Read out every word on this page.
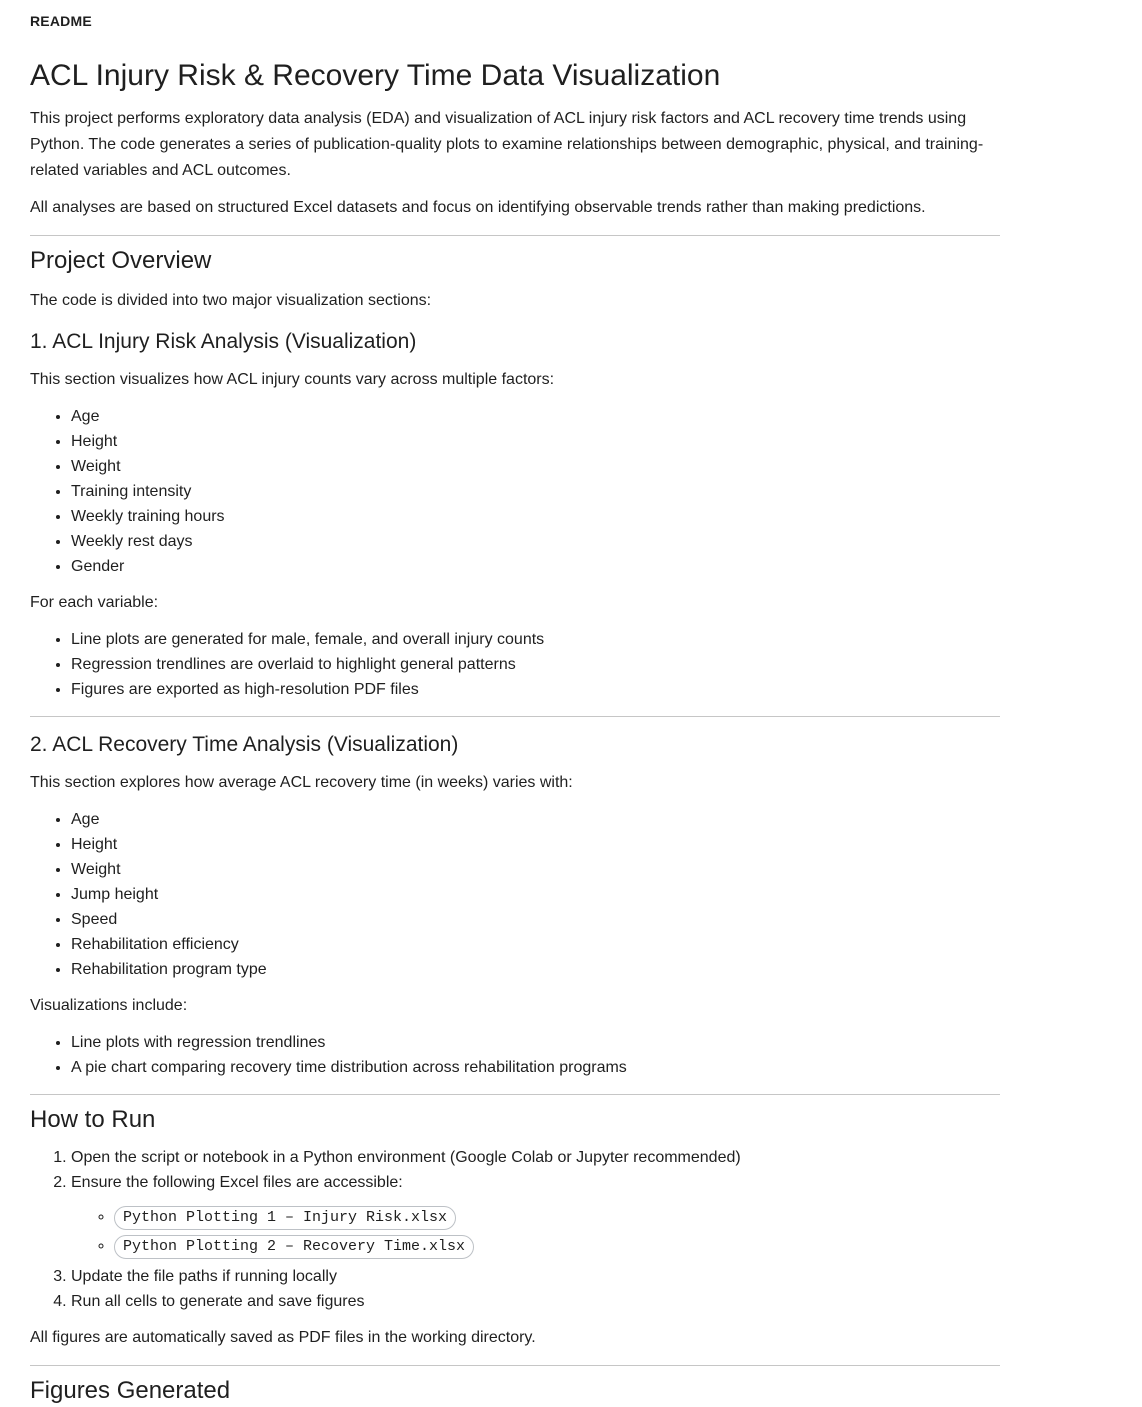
README
ACL Injury Risk & Recovery Time Data Visualization

This project performs exploratory data analysis (EDA) and visualization of ACL injury risk factors and ACL recovery time trends using Python. The code generates a series of publication-quality plots to examine relationships between demographic, physical, and training-related variables and ACL outcomes.

All analyses are based on structured Excel datasets and focus on identifying observable trends rather than making predictions.

Project Overview

The code is divided into two major visualization sections:

1. ACL Injury Risk Analysis (Visualization)

This section visualizes how ACL injury counts vary across multiple factors:

• Age
• Height
• Weight
• Training intensity
• Weekly training hours
• Weekly rest days
• Gender

For each variable:

• Line plots are generated for male, female, and overall injury counts
• Regression trendlines are overlaid to highlight general patterns
• Figures are exported as high-resolution PDF files
2. ACL Recovery Time Analysis (Visualization)

This section explores how average ACL recovery time (in weeks) varies with:

• Age
• Height
• Weight
• Jump height
• Speed
• Rehabilitation efficiency
• Rehabilitation program type

Visualizations include:

• Line plots with regression trendlines
• A pie chart comparing recovery time distribution across rehabilitation programs
How to Run
1. Open the script or notebook in a Python environment (Google Colab or Jupyter recommended)
2. Ensure the following Excel files are accessible:
◦ Python Plotting 1 – Injury Risk.xlsx
◦ Python Plotting 2 – Recovery Time.xlsx
3. Update the file paths if running locally
4. Run all cells to generate and save figures

All figures are automatically saved as PDF files in the working directory.

Figures Generated
